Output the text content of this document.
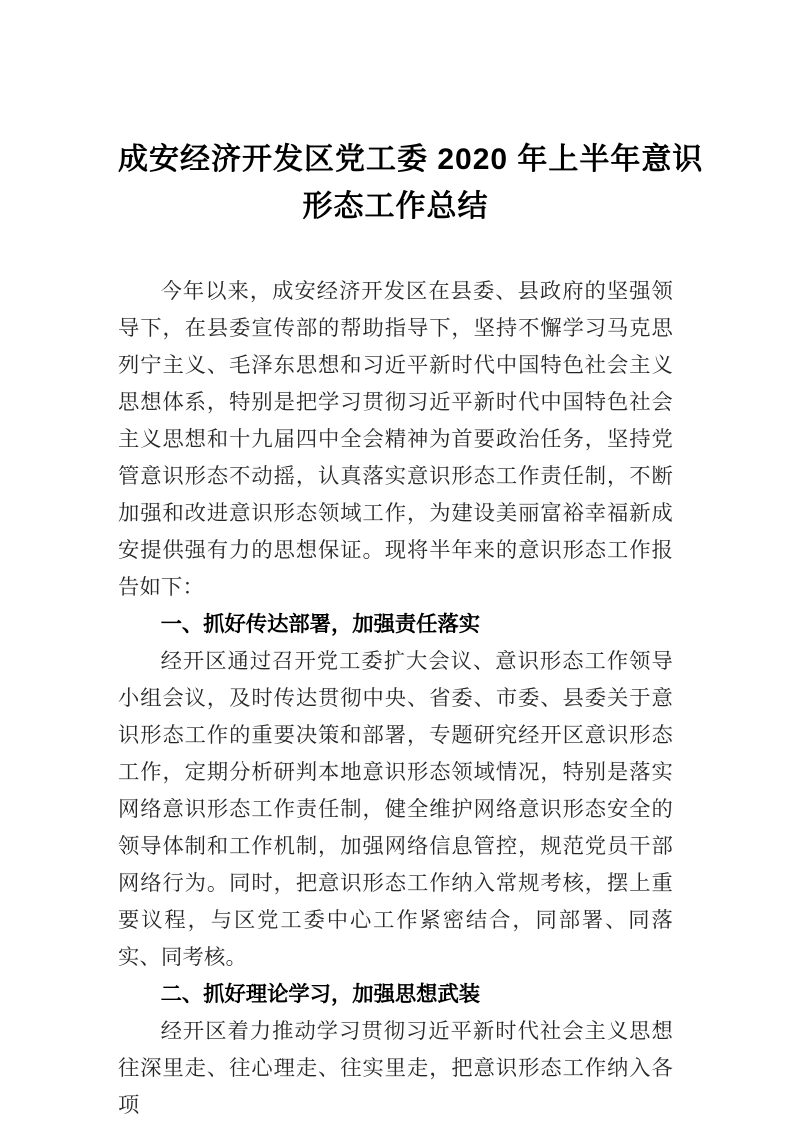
成安经济开发区党工委 2020 年上半年意识
形态工作总结

今年以来，成安经济开发区在县委、县政府的坚强领导下，在县委宣传部的帮助指导下，坚持不懈学习马克思列宁主义、毛泽东思想和习近平新时代中国特色社会主义思想体系，特别是把学习贯彻习近平新时代中国特色社会主义思想和十九届四中全会精神为首要政治任务，坚持党管意识形态不动摇，认真落实意识形态工作责任制，不断加强和改进意识形态领域工作，为建设美丽富裕幸福新成安提供强有力的思想保证。现将半年来的意识形态工作报告如下：

一、抓好传达部署，加强责任落实

经开区通过召开党工委扩大会议、意识形态工作领导小组会议，及时传达贯彻中央、省委、市委、县委关于意识形态工作的重要决策和部署，专题研究经开区意识形态工作，定期分析研判本地意识形态领域情况，特别是落实网络意识形态工作责任制，健全维护网络意识形态安全的领导体制和工作机制，加强网络信息管控，规范党员干部网络行为。同时，把意识形态工作纳入常规考核，摆上重要议程，与区党工委中心工作紧密结合，同部署、同落实、同考核。

二、抓好理论学习，加强思想武装

经开区着力推动学习贯彻习近平新时代社会主义思想往深里走、往心理走、往实里走，把意识形态工作纳入各项
